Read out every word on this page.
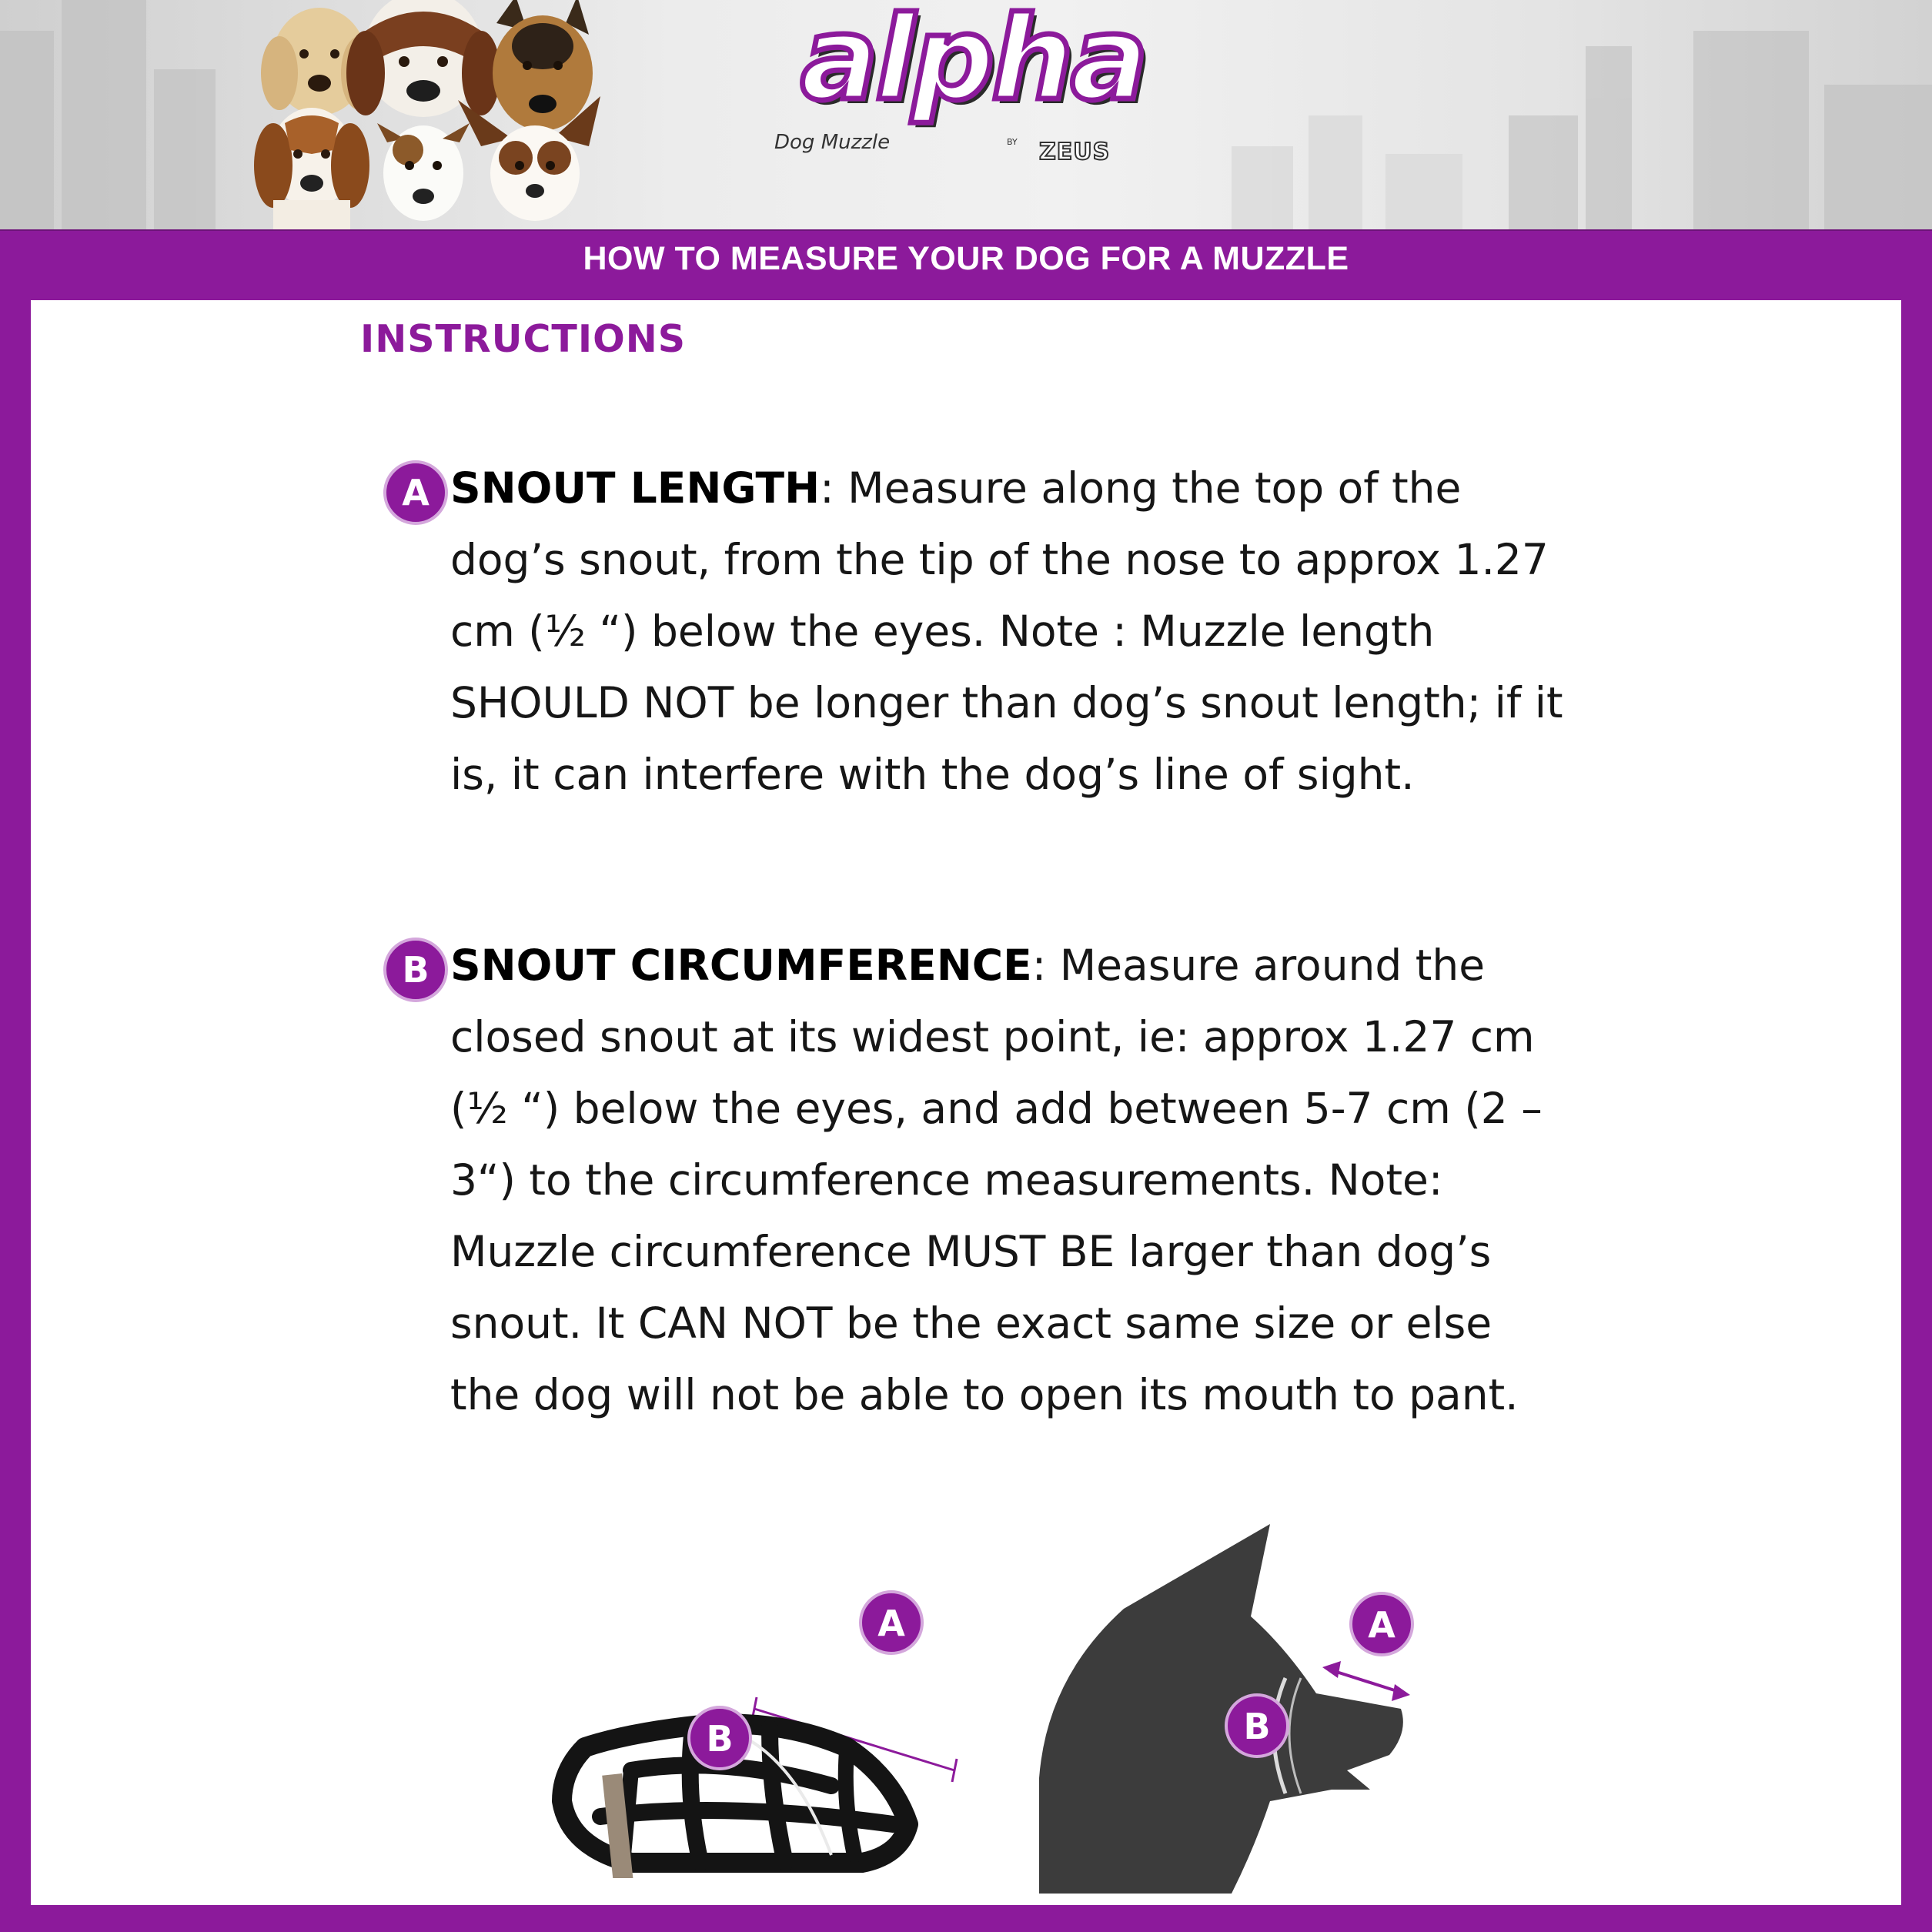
alpha
Dog Muzzle	BY ZEUS
HOW TO MEASURE YOUR DOG FOR A MUZZLE
INSTRUCTIONS
A SNOUT LENGTH: Measure along the top of the dog’s snout, from the tip of the nose to approx 1.27 cm (½ “) below the eyes. Note : Muzzle length SHOULD NOT be longer than dog’s snout length; if it is, it can interfere with the dog’s line of sight.

B SNOUT CIRCUMFERENCE: Measure around the closed snout at its widest point, ie: approx 1.27 cm (½ “) below the eyes, and add between 5-7 cm (2 – 3“) to the circumference measurements. Note: Muzzle circumference MUST BE larger than dog’s snout. It CAN NOT be the exact same size or else the dog will not be able to open its mouth to pant.

A
B
A
B
